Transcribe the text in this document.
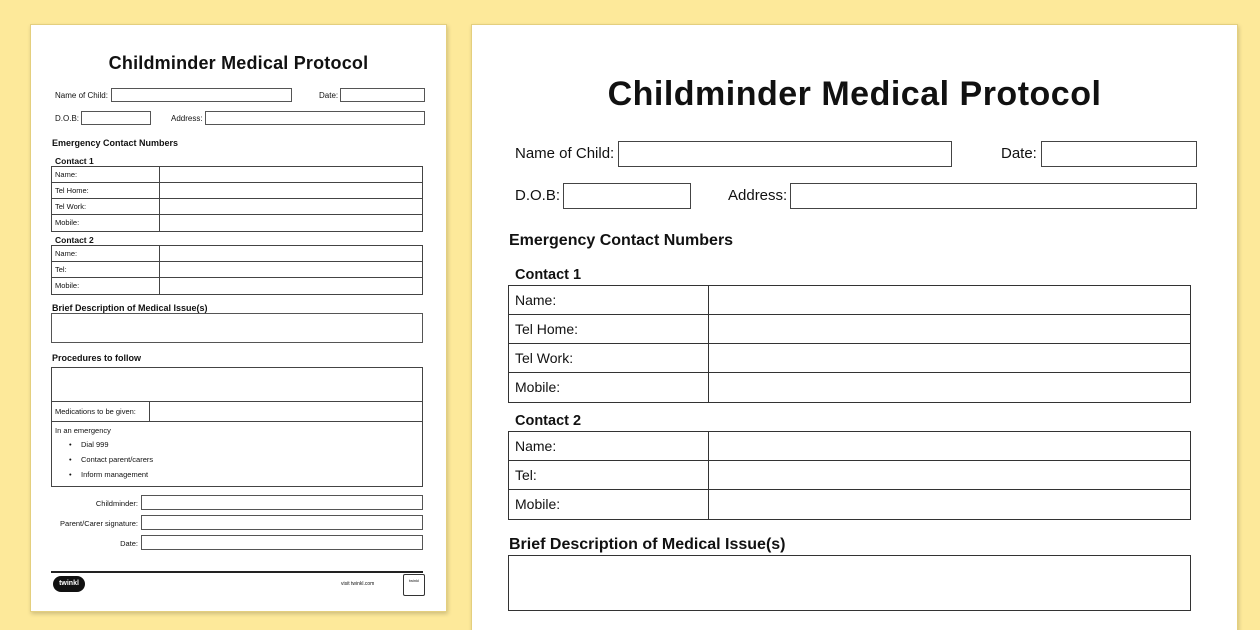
Childminder Medical Protocol
Name of Child:	Date:
D.O.B:	Address:
Emergency Contact Numbers
Contact 1
Name:
Tel Home:
Tel Work:
Mobile:
Contact 2
Name:
Tel:
Mobile:
Brief Description of Medical Issue(s)
Procedures to follow
Medications to be given:
In an emergency
• Dial 999
• Contact parent/carers
• Inform management
Childminder:
Parent/Carer signature:
Date:
twinkl	visit twinkl.com
twinkl
Childminder Medical Protocol
Name of Child:	Date:
D.O.B:	Address:
Emergency Contact Numbers
Contact 1
Name:
Tel Home:
Tel Work:
Mobile:
Contact 2
Name:
Tel:
Mobile:
Brief Description of Medical Issue(s)
